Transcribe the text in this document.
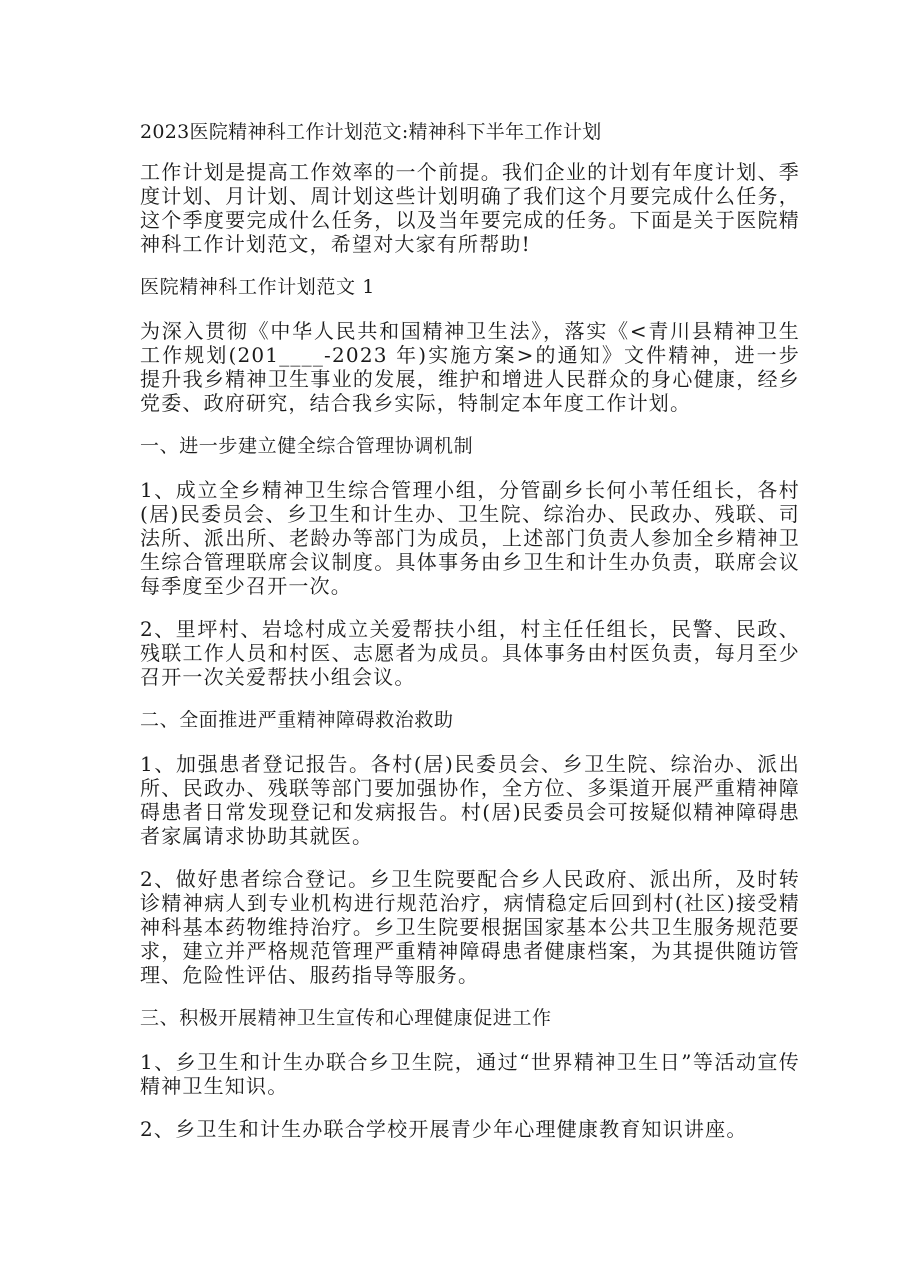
2023医院精神科工作计划范文:精神科下半年工作计划

工作计划是提高工作效率的一个前提。我们企业的计划有年度计划、季度计划、月计划、周计划这些计划明确了我们这个月要完成什么任务，这个季度要完成什么任务，以及当年要完成的任务。下面是关于医院精神科工作计划范文，希望对大家有所帮助!

医院精神科工作计划范文 1

为深入贯彻《中华人民共和国精神卫生法》，落实《<青川县精神卫生工作规划(201____-2023 年)实施方案>的通知》文件精神，进一步提升我乡精神卫生事业的发展，维护和增进人民群众的身心健康，经乡党委、政府研究，结合我乡实际，特制定本年度工作计划。

一、进一步建立健全综合管理协调机制

1、成立全乡精神卫生综合管理小组，分管副乡长何小苇任组长，各村(居)民委员会、乡卫生和计生办、卫生院、综治办、民政办、残联、司法所、派出所、老龄办等部门为成员，上述部门负责人参加全乡精神卫生综合管理联席会议制度。具体事务由乡卫生和计生办负责，联席会议每季度至少召开一次。

2、里坪村、岩埝村成立关爱帮扶小组，村主任任组长，民警、民政、残联工作人员和村医、志愿者为成员。具体事务由村医负责，每月至少召开一次关爱帮扶小组会议。

二、全面推进严重精神障碍救治救助

1、加强患者登记报告。各村(居)民委员会、乡卫生院、综治办、派出所、民政办、残联等部门要加强协作，全方位、多渠道开展严重精神障碍患者日常发现登记和发病报告。村(居)民委员会可按疑似精神障碍患者家属请求协助其就医。

2、做好患者综合登记。乡卫生院要配合乡人民政府、派出所，及时转诊精神病人到专业机构进行规范治疗，病情稳定后回到村(社区)接受精神科基本药物维持治疗。乡卫生院要根据国家基本公共卫生服务规范要求，建立并严格规范管理严重精神障碍患者健康档案，为其提供随访管理、危险性评估、服药指导等服务。

三、积极开展精神卫生宣传和心理健康促进工作

1、乡卫生和计生办联合乡卫生院，通过“世界精神卫生日”等活动宣传精神卫生知识。

2、乡卫生和计生办联合学校开展青少年心理健康教育知识讲座。
